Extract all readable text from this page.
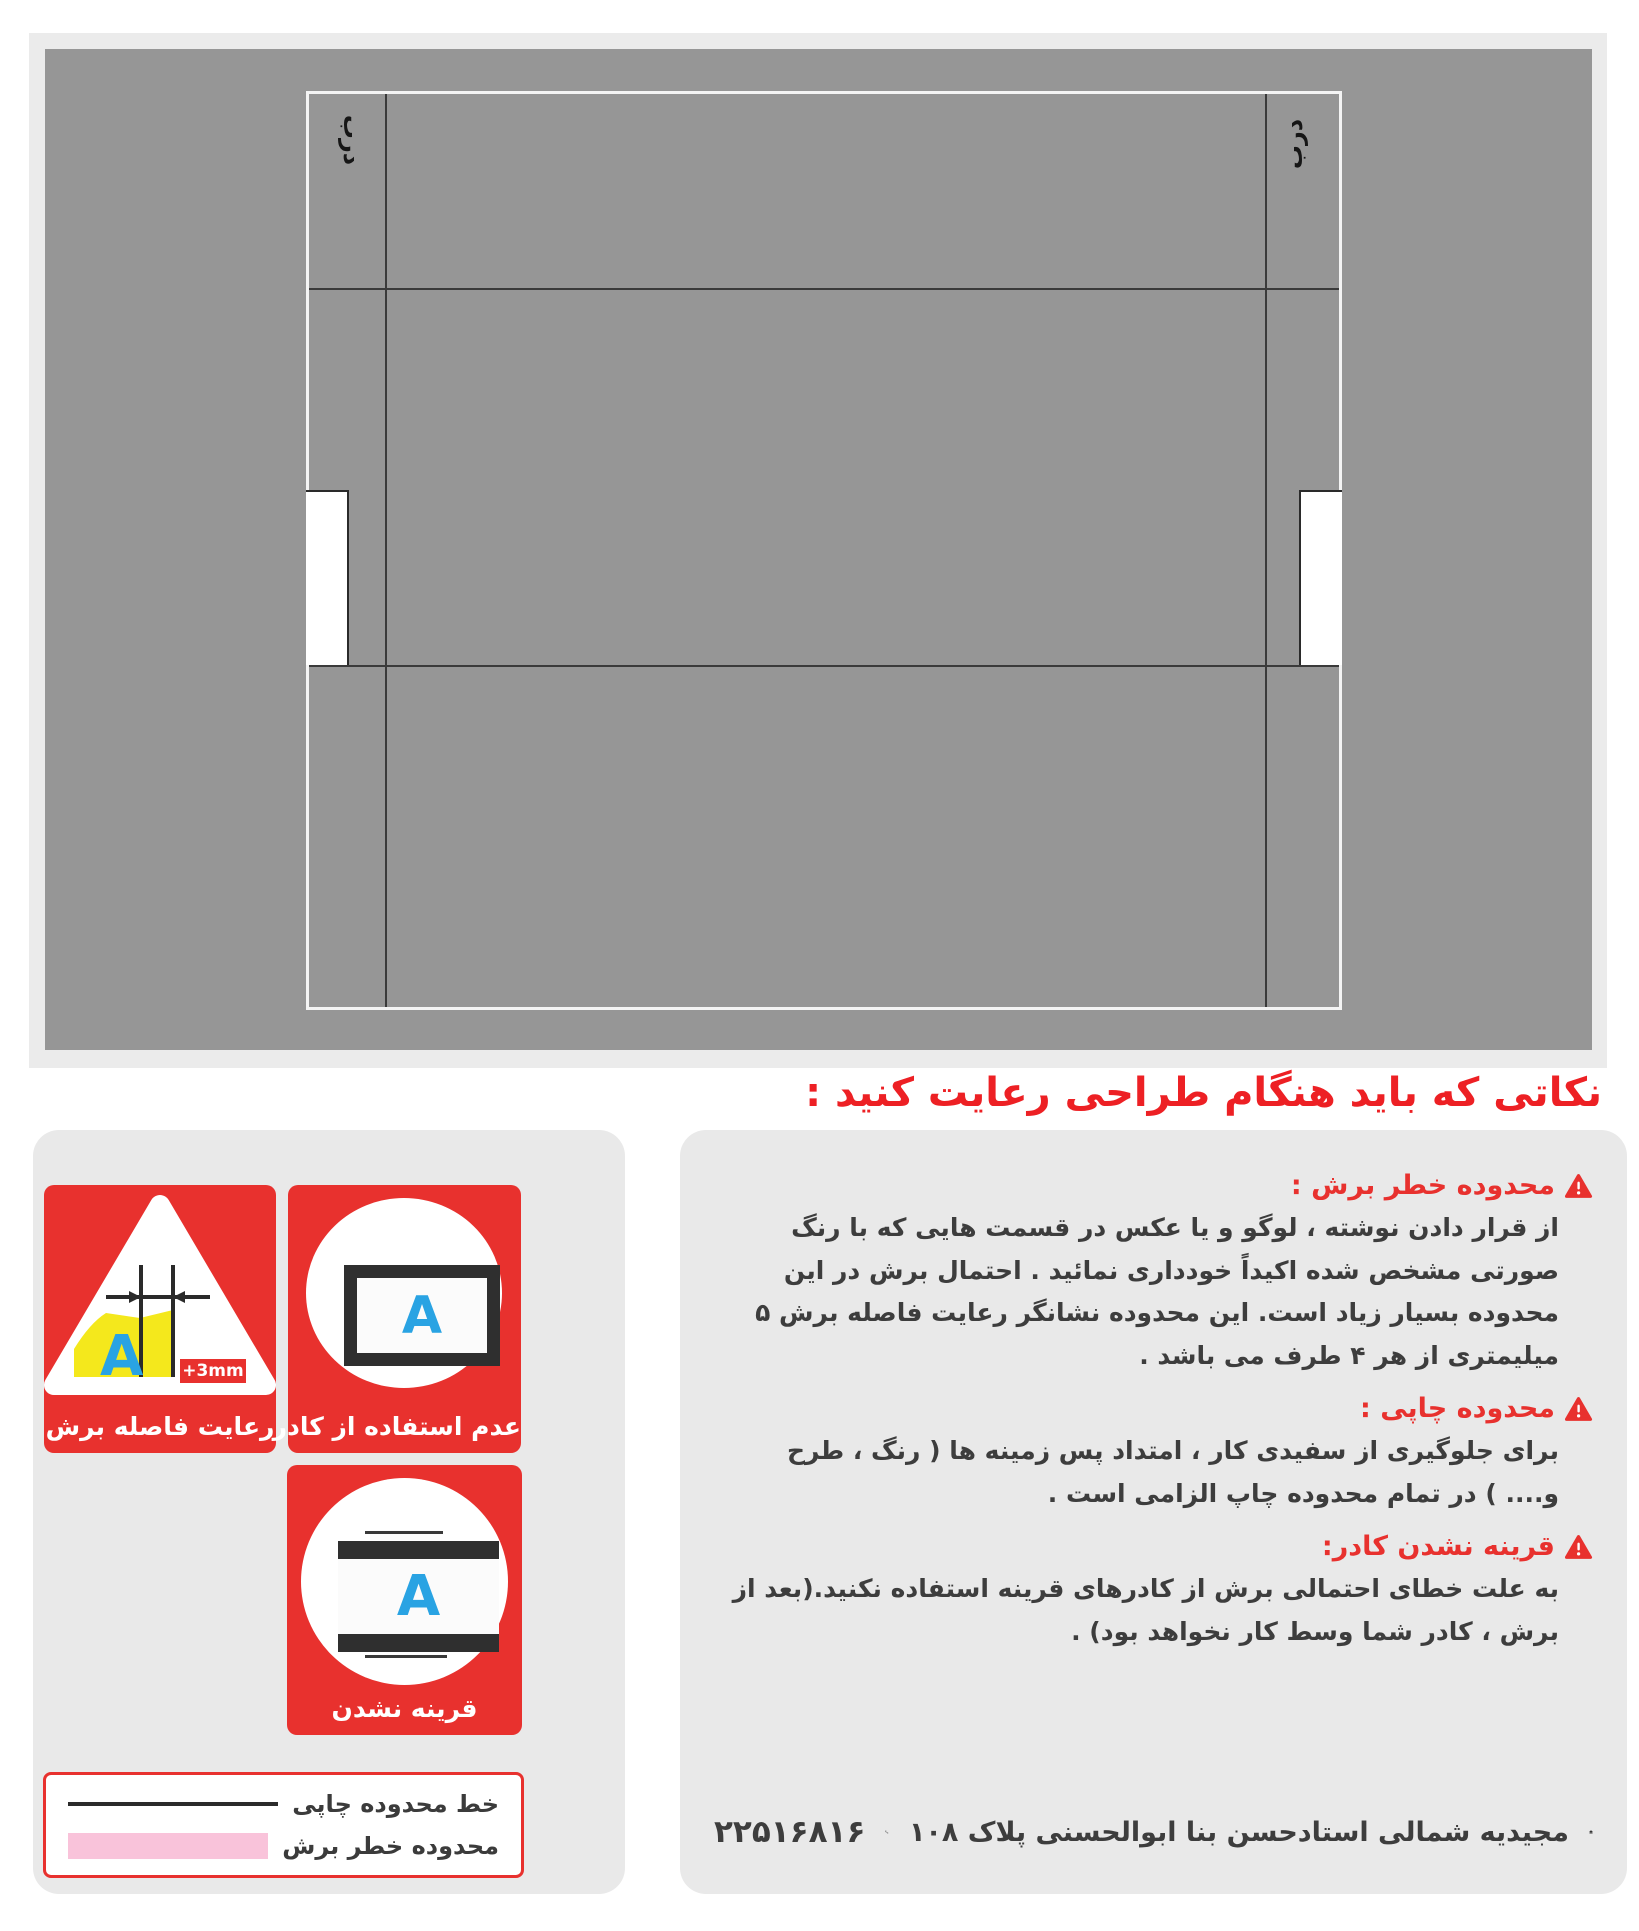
درب	درب
نکاتی که باید هنگام طراحی رعایت کنید :
A +3mm
رعایت فاصله برش
A
عدم استفاده از کادر
A
قرینه نشدن
خط محدوده چاپی
محدوده خطر برش
محدوده خطر برش :

از قرار دادن نوشته ، لوگو و یا عکس در قسمت هایی که با رنگ صورتی مشخص شده اکیداً خودداری نمائید . احتمال برش در این محدوده بسیار زیاد است. این محدوده نشانگر رعایت فاصله برش ۵ میلیمتری از هر ۴ طرف می باشد .

محدوده چاپی :

برای جلوگیری از سفیدی کار ، امتداد پس زمینه ها ( رنگ ، طرح و.... ) در تمام محدوده چاپ الزامی است .

قرینه نشدن کادر:

به علت خطای احتمالی برش از کادرهای قرینه استفاده نکنید.(بعد از برش ، کادر شما وسط کار نخواهد بود) .

مجیدیه شمالی استادحسن بنا ابوالحسنی پلاک ۱۰۸
۲۲۵۱۶۸۱۶
